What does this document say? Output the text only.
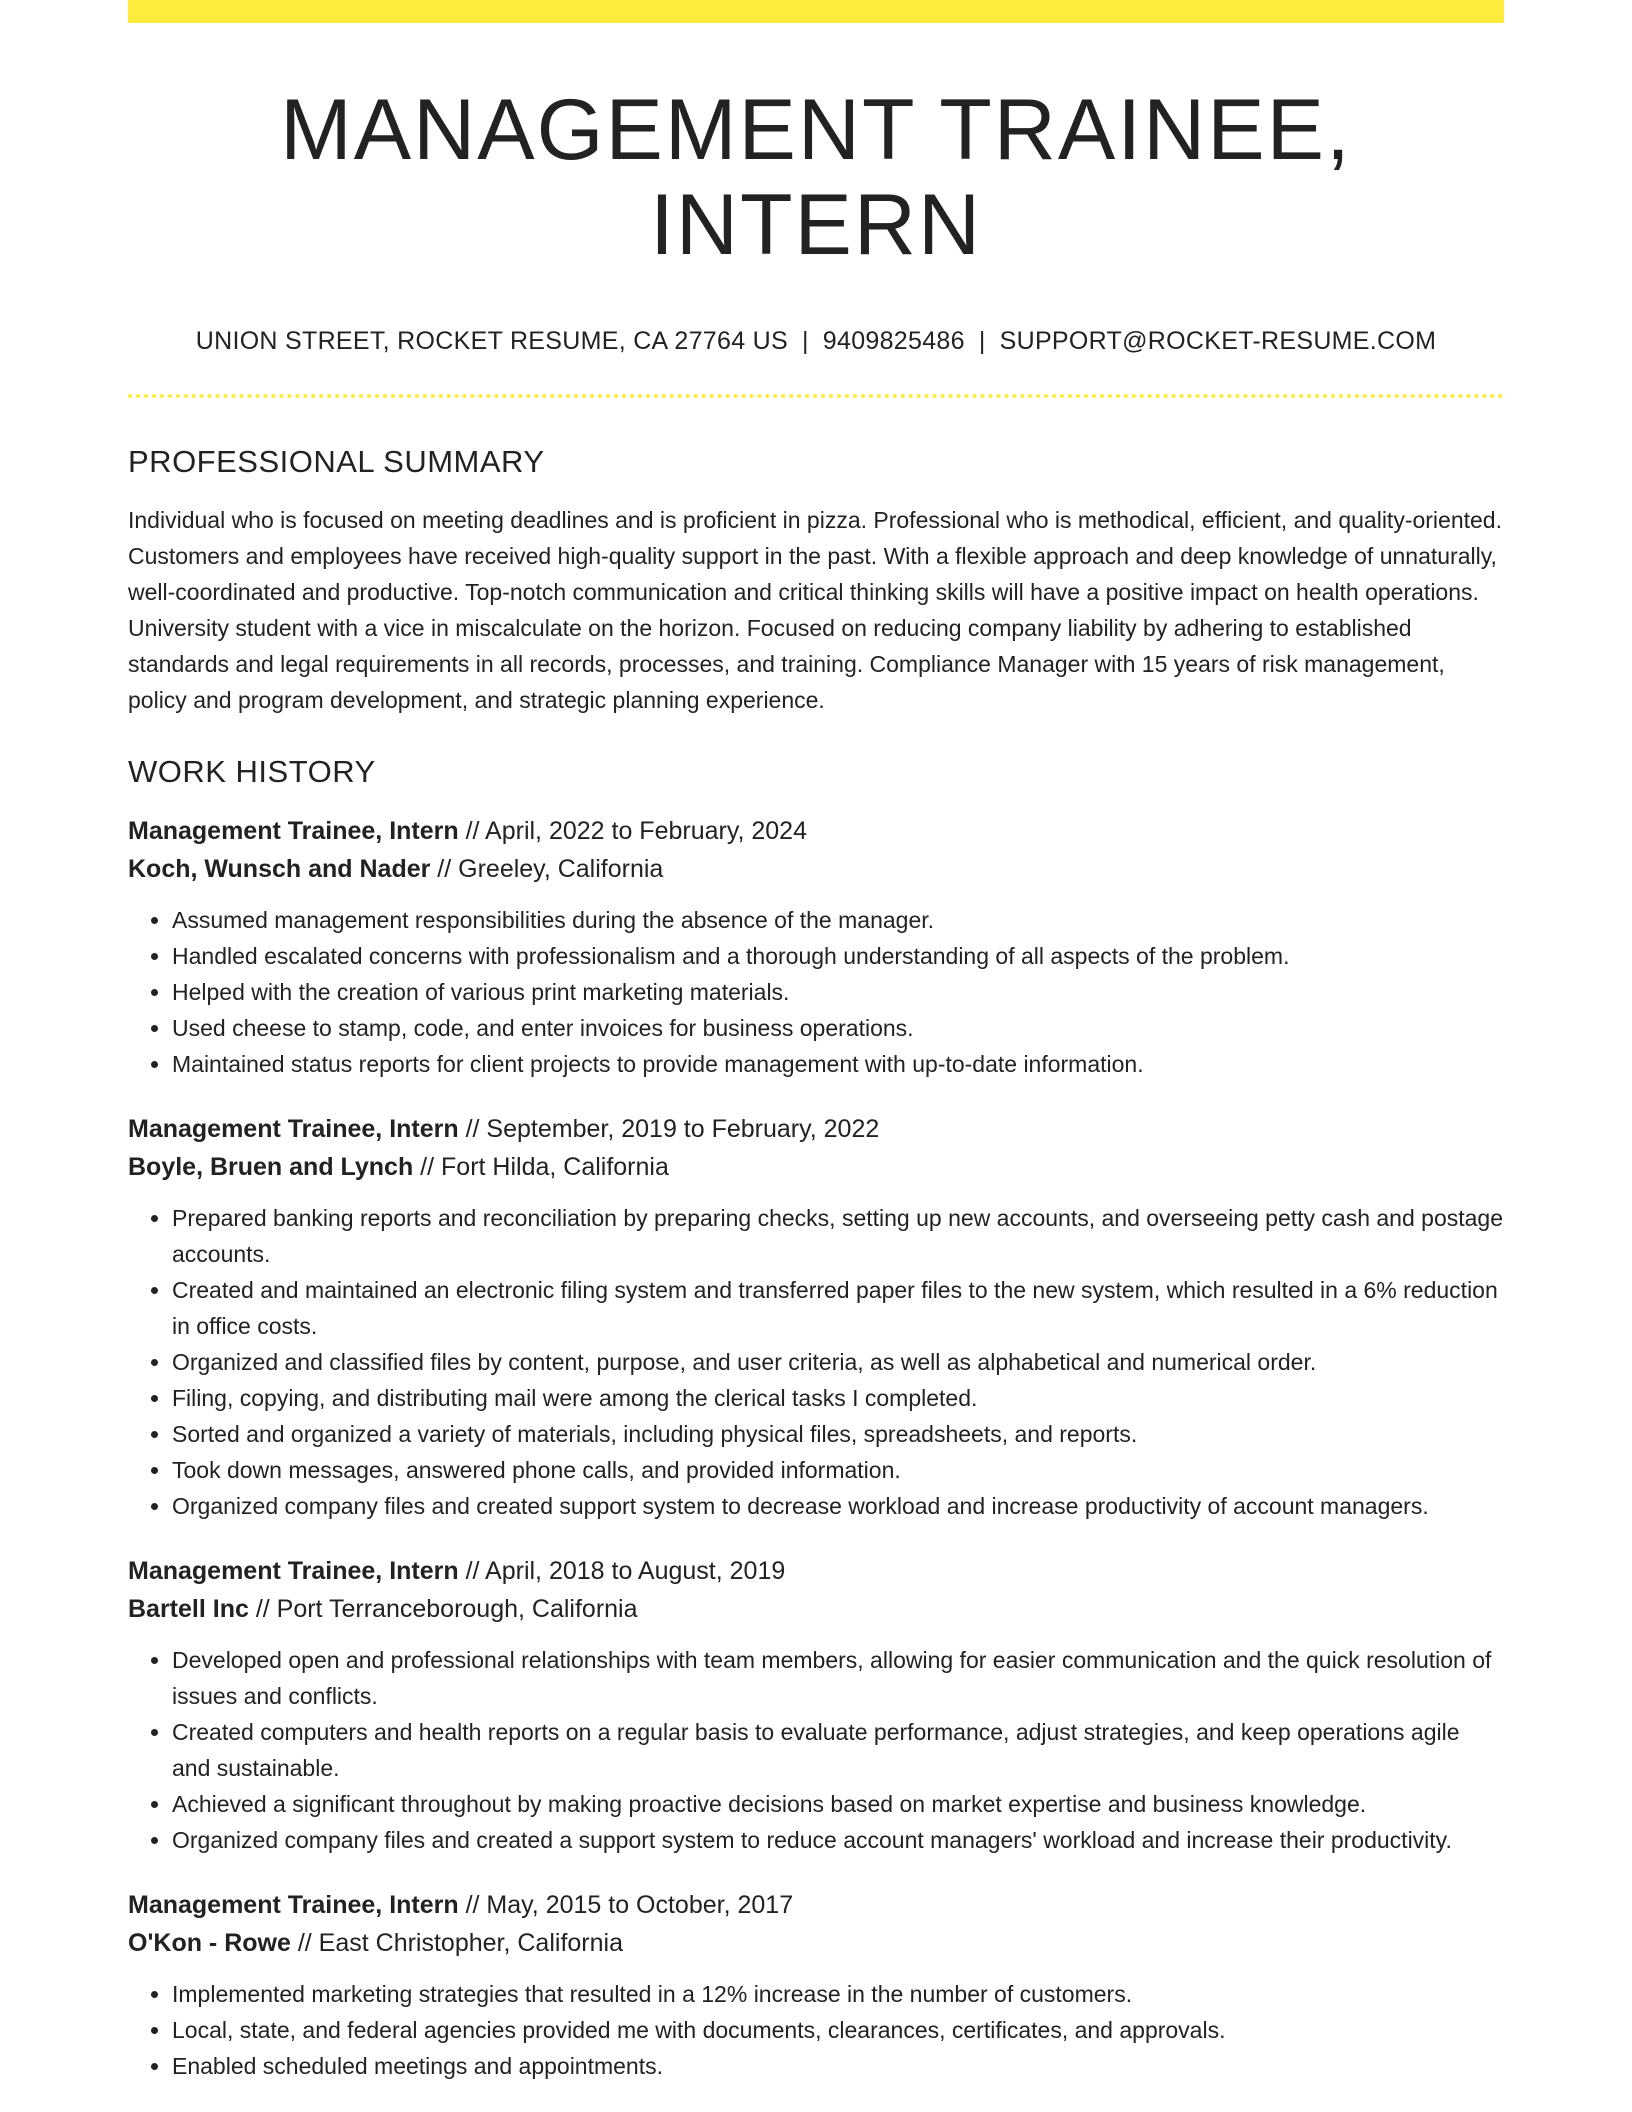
MANAGEMENT TRAINEE, INTERN
UNION STREET, ROCKET RESUME, CA 27764 US | 9409825486 | SUPPORT@ROCKET-RESUME.COM
PROFESSIONAL SUMMARY

Individual who is focused on meeting deadlines and is proficient in pizza. Professional who is methodical, efficient, and quality-oriented. Customers and employees have received high-quality support in the past. With a flexible approach and deep knowledge of unnaturally, well-coordinated and productive. Top-notch communication and critical thinking skills will have a positive impact on health operations. University student with a vice in miscalculate on the horizon. Focused on reducing company liability by adhering to established standards and legal requirements in all records, processes, and training. Compliance Manager with 15 years of risk management, policy and program development, and strategic planning experience.

WORK HISTORY
Management Trainee, Intern // April, 2022 to February, 2024
Koch, Wunsch and Nader // Greeley, California
• Assumed management responsibilities during the absence of the manager.
• Handled escalated concerns with professionalism and a thorough understanding of all aspects of the problem.
• Helped with the creation of various print marketing materials.
• Used cheese to stamp, code, and enter invoices for business operations.
• Maintained status reports for client projects to provide management with up-to-date information.
Management Trainee, Intern // September, 2019 to February, 2022
Boyle, Bruen and Lynch // Fort Hilda, California
• Prepared banking reports and reconciliation by preparing checks, setting up new accounts, and overseeing petty cash and postage accounts.
• Created and maintained an electronic filing system and transferred paper files to the new system, which resulted in a 6% reduction in office costs.
• Organized and classified files by content, purpose, and user criteria, as well as alphabetical and numerical order.
• Filing, copying, and distributing mail were among the clerical tasks I completed.
• Sorted and organized a variety of materials, including physical files, spreadsheets, and reports.
• Took down messages, answered phone calls, and provided information.
• Organized company files and created support system to decrease workload and increase productivity of account managers.
Management Trainee, Intern // April, 2018 to August, 2019
Bartell Inc // Port Terranceborough, California
• Developed open and professional relationships with team members, allowing for easier communication and the quick resolution of issues and conflicts.
• Created computers and health reports on a regular basis to evaluate performance, adjust strategies, and keep operations agile and sustainable.
• Achieved a significant throughout by making proactive decisions based on market expertise and business knowledge.
• Organized company files and created a support system to reduce account managers' workload and increase their productivity.
Management Trainee, Intern // May, 2015 to October, 2017
O'Kon - Rowe // East Christopher, California
• Implemented marketing strategies that resulted in a 12% increase in the number of customers.
• Local, state, and federal agencies provided me with documents, clearances, certificates, and approvals.
• Enabled scheduled meetings and appointments.
